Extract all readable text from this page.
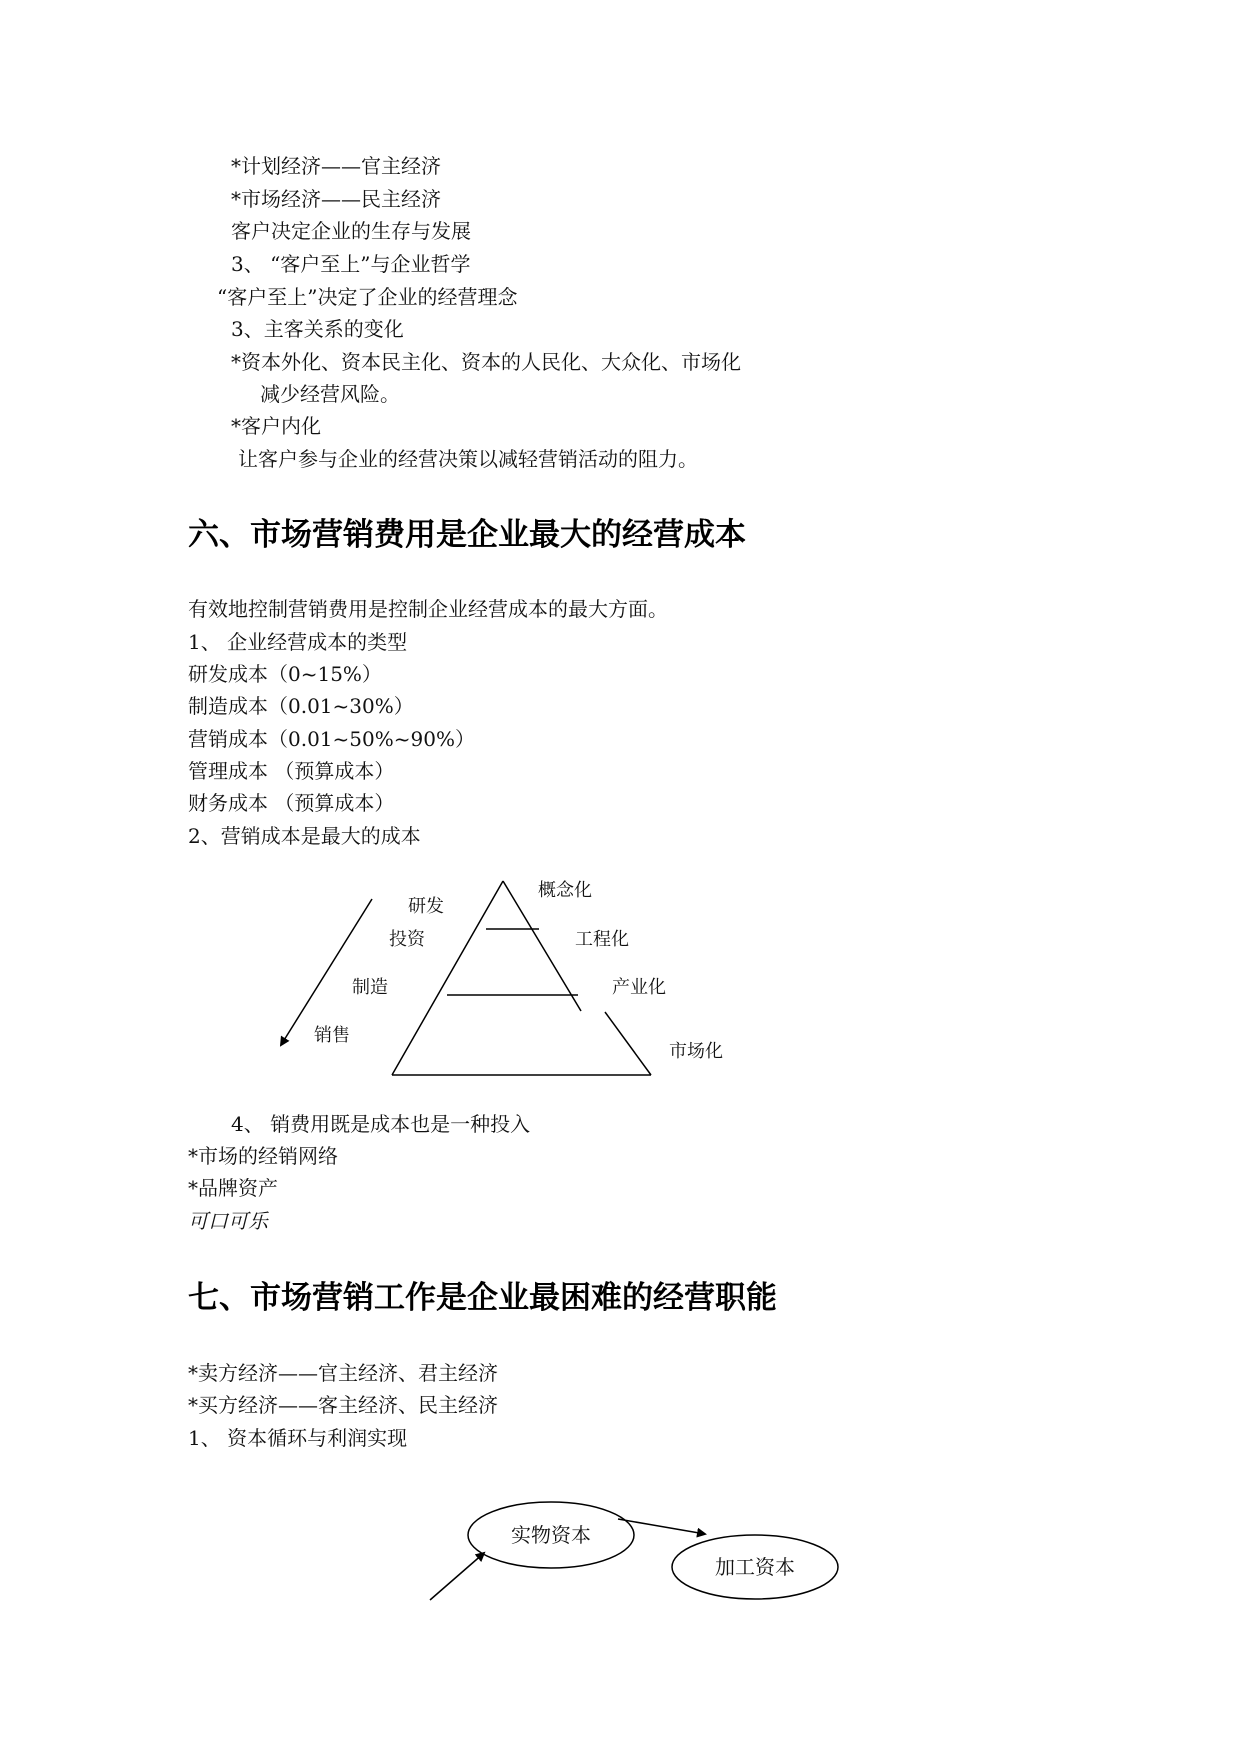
*计划经济——官主经济
*市场经济——民主经济
客户决定企业的生存与发展
3、 “客户至上”与企业哲学
“客户至上”决定了企业的经营理念
3、主客关系的变化
*资本外化、资本民主化、资本的人民化、大众化、市场化
减少经营风险。
*客户内化
让客户参与企业的经营决策以减轻营销活动的阻力。
六、市场营销费用是企业最大的经营成本
有效地控制营销费用是控制企业经营成本的最大方面。
1、 企业经营成本的类型
研发成本（0~15%）
制造成本（0.01~30%）
营销成本（0.01~50%~90%）
管理成本 （预算成本）
财务成本 （预算成本）
2、营销成本是最大的成本
研发
投资
制造
销售
概念化
工程化
产业化
市场化
4、 销费用既是成本也是一种投入
*市场的经销网络
*品牌资产
可口可乐
七、市场营销工作是企业最困难的经营职能
*卖方经济——官主经济、君主经济
*买方经济——客主经济、民主经济
1、 资本循环与利润实现
实物资本
加工资本
